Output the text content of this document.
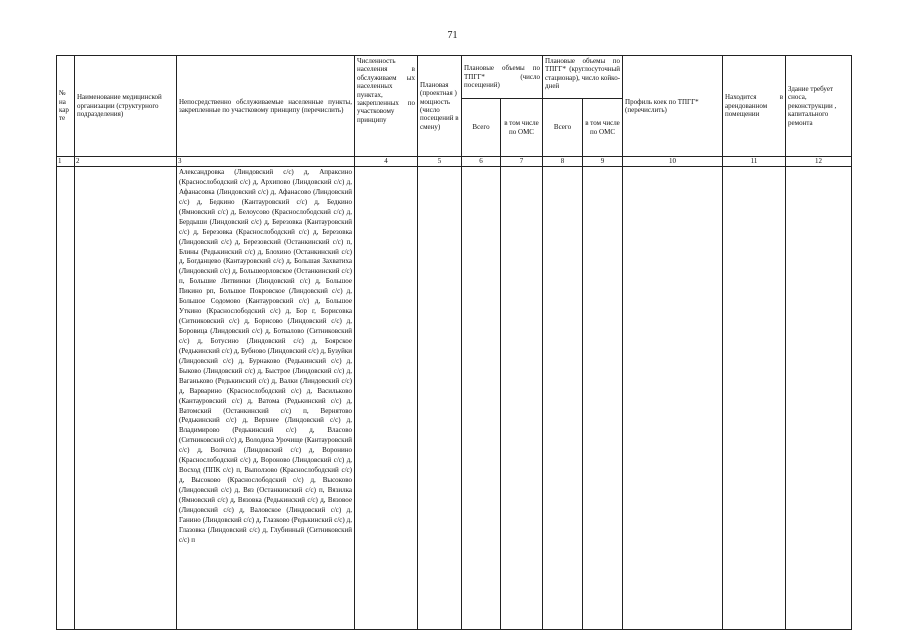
71
№ на кар те	Наименование медицинской организации (структурного подразделения)	Непосредственно обслуживаемые населенные пункты, закрепленные по участковому принципу (перечислить)	Численность населения в обслуживаем ых населенных пунктах, закрепленных по участковому принципу	Плановая (проектная ) мощность (число посещений в смену)	Плановые объемы по ТПГГ* (число посещений)		Плановые объемы по ТПГГ* (круглосуточный стационар), число койко-дней		Профиль коек по ТПГГ* (перечислить)	Находится в арендованном помещении	Здание требует сноса, реконструкции , капитального ремонта
					Всего	в том числе по ОМС	Всего	в том числе по ОМС			
1	2	3	4	5	6	7	8	9	10	11	12
		Александровка (Линдовский с/с) д, Апраксино (Краснослободский с/с) д, Архипово (Линдовский с/с) д, Афанасовка (Линдовский с/с) д, Афанасово (Линдовский с/с) д, Бедкино (Кантауровский с/с) д, Бедкино (Ямновский с/с) д, Белоусово (Краснослободский с/с) д, Бердыши (Линдовский с/с) д, Березовка (Кантауровский с/с) д, Березовка (Краснослободский с/с) д, Березовка (Линдовский с/с) д, Березовский (Останкинский с/с) п, Блины (Редькинский с/с) д, Блохино (Останкинский с/с) д, Богданцево (Кантауровский с/с) д, Большая Захватиха (Линдовский с/с) д, Большеорловское (Останкинский с/с) п, Большие Литвинки (Линдовский с/с) д, Большое Пикино рп, Большое Покровское (Линдовский с/с) д, Большое Содомово (Кантауровский с/с) д, Большое Уткино (Краснослободский с/с) д, Бор г, Борисовка (Ситниковский с/с) д, Борисово (Линдовский с/с) д, Боровица (Линдовский с/с) д, Ботвалово (Ситниковский с/с) д, Ботусино (Линдовский с/с) д, Боярское (Редькинский с/с) д, Бубново (Линдовский с/с) д, Бузуйки (Линдовский с/с) д, Бурнаково (Редькинский с/с) д, Быково (Линдовский с/с) д, Быстрое (Линдовский с/с) д, Ваганьково (Редькинский с/с) д, Валки (Линдовский с/с) д, Варварино (Краснослободский с/с) д, Васильково (Кантауровский с/с) д, Ватома (Редькинский с/с) д, Ватомский (Останкинский с/с) п, Вернятово (Редькинский с/с) д, Верхнее (Линдовский с/с) д, Владимирово (Редькинский с/с) д, Власово (Ситниковский с/с) д, Володиха Урочище (Кантауровский с/с) д, Волчиха (Линдовский с/с) д, Воронино (Краснослободский с/с) д, Вороново (Линдовский с/с) д, Восход (ППК с/с) п, Выползово (Краснослободский с/с) д, Высоково (Краснослободский с/с) д, Высоково (Линдовский с/с) д, Вяз (Останкинский с/с) п, Вязилка (Ямновский с/с) д, Вязовка (Редькинский с/с) д, Вязовое (Линдовский с/с) д, Валовское (Линдовский с/с) д, Ганино (Линдовский с/с) д, Глазково (Редькинский с/с) д, Глазовка (Линдовский с/с) д, Глубинный (Ситниковский с/с) п									
